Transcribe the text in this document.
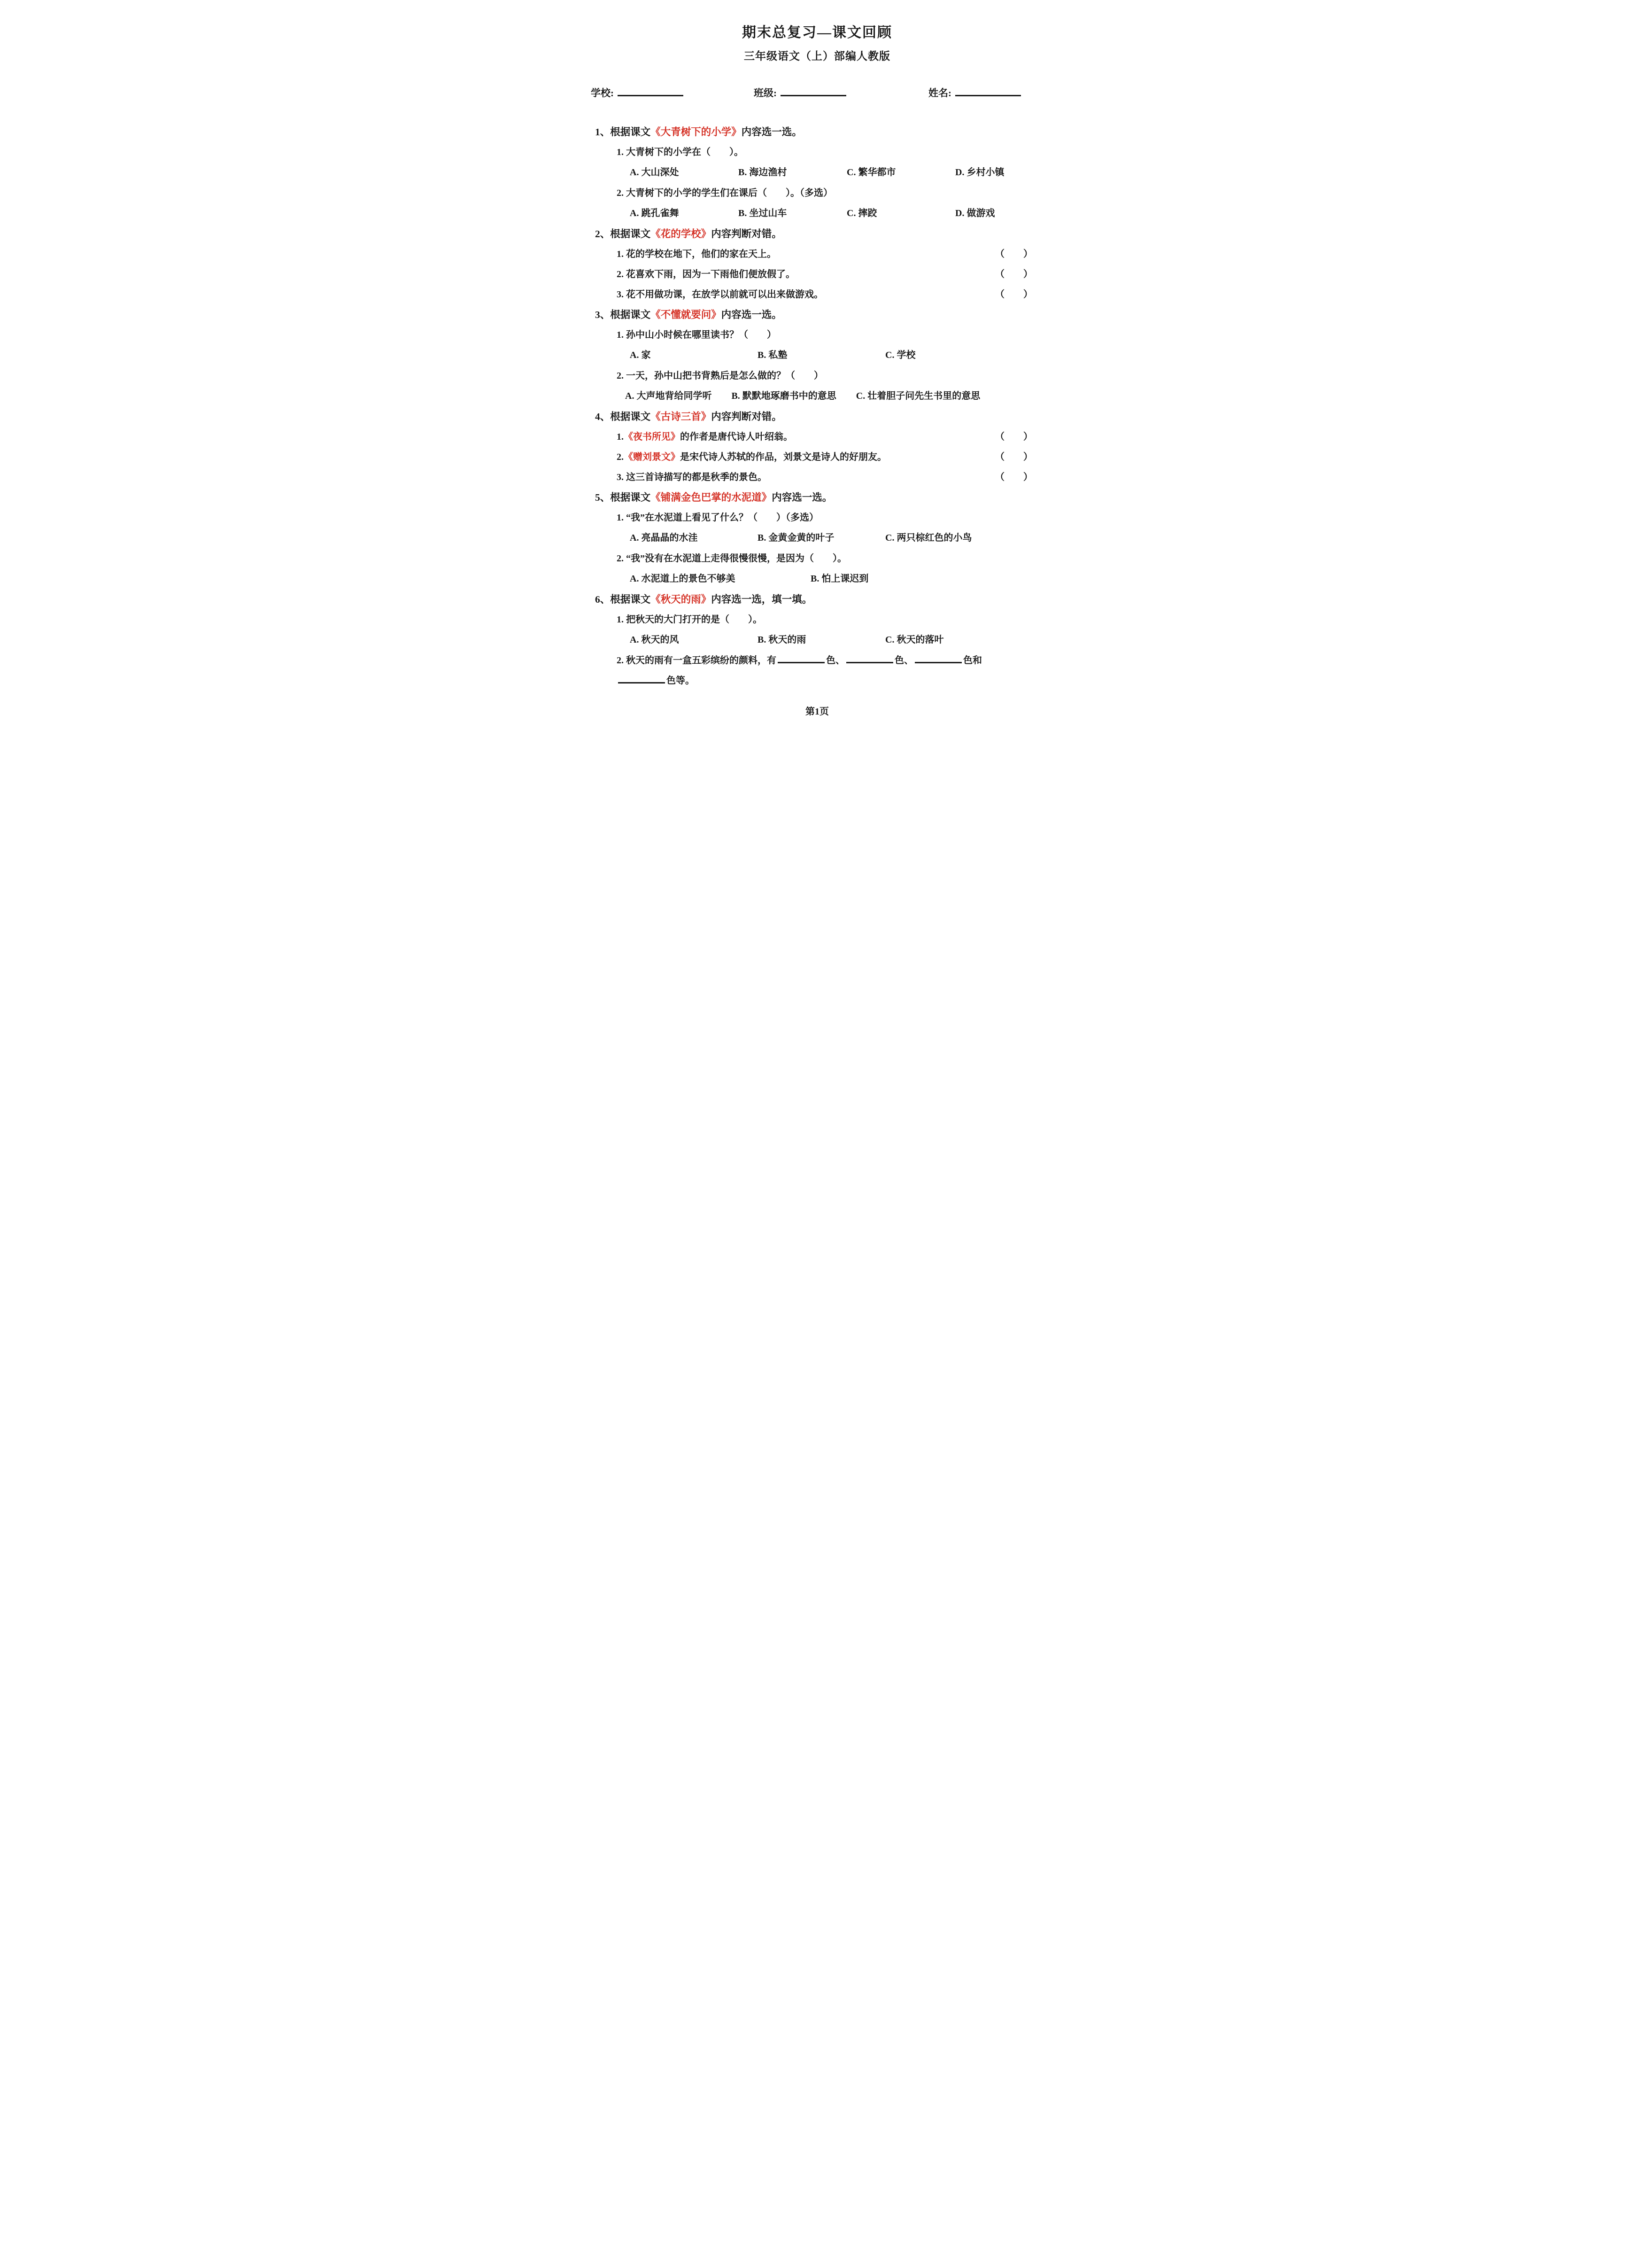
期末总复习—课文回顾
三年级语文（上）部编人教版
学校:	班级:	姓名:
1、根据课文《大青树下的小学》内容选一选。
1. 大青树下的小学在（　　）。
A. 大山深处	B. 海边渔村	C. 繁华都市	D. 乡村小镇
2. 大青树下的小学的学生们在课后（　　）。（多选）
A. 跳孔雀舞	B. 坐过山车	C. 摔跤	D. 做游戏
2、根据课文《花的学校》内容判断对错。
1. 花的学校在地下，他们的家在天上。	（　　）
2. 花喜欢下雨，因为一下雨他们便放假了。	（　　）
3. 花不用做功课，在放学以前就可以出来做游戏。	（　　）
3、根据课文《不懂就要问》内容选一选。
1. 孙中山小时候在哪里读书？（　　）
A. 家	B. 私塾	C. 学校
2. 一天，孙中山把书背熟后是怎么做的？（　　）
A. 大声地背给同学听 B. 默默地琢磨书中的意思 C. 壮着胆子问先生书里的意思
4、根据课文《古诗三首》内容判断对错。
1.《夜书所见》的作者是唐代诗人叶绍翁。	（　　）
2.《赠刘景文》是宋代诗人苏轼的作品，刘景文是诗人的好朋友。	（　　）
3. 这三首诗描写的都是秋季的景色。	（　　）
5、根据课文《铺满金色巴掌的水泥道》内容选一选。
1. “我”在水泥道上看见了什么？（　　）（多选）
A. 亮晶晶的水洼	B. 金黄金黄的叶子	C. 两只棕红色的小鸟
2. “我”没有在水泥道上走得很慢很慢，是因为（　　）。
A. 水泥道上的景色不够美	B. 怕上课迟到
6、根据课文《秋天的雨》内容选一选，填一填。
1. 把秋天的大门打开的是（　　）。
A. 秋天的风	B. 秋天的雨	C. 秋天的落叶
2. 秋天的雨有一盒五彩缤纷的颜料，有	色、	色、	色和
色等。
第1页
